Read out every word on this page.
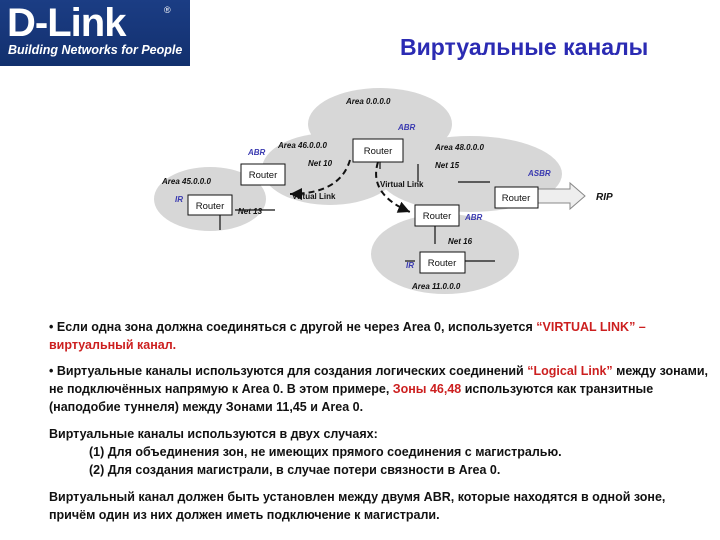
D-Link	®
Building Networks for People	Виртуальные каналы
Area 0.0.0.0
Area 46.0.0.0
Area 45.0.0.0
Area 48.0.0.0
Area 11.0.0.0
Net 10
Net 13
Net 15
Net 16
ABR
ABR
ABR
ASBR
IR
IR
Virtual Link
Virtual Link
RIP
Router
Router
Router
Router
Router
Router

• Если одна зона должна соединяться с другой не через Area 0, используется “VIRTUAL LINK” – виртуальный канал.

• Виртуальные каналы используются для создания логических соединений “Logical Link” между зонами, не подключённых напрямую к Area 0. В этом примере, Зоны 46,48 используются как транзитные (наподобие туннеля) между Зонами 11,45 и Area 0.

Виртуальные каналы используются в двух случаях:

(1) Для объединения зон, не имеющих прямого соединения с магистралью.

(2) Для создания магистрали, в случае потери связности в Area 0.

Виртуальный канал должен быть установлен между двумя ABR, которые находятся в одной зоне, причём один из них должен иметь подключение к магистрали.
